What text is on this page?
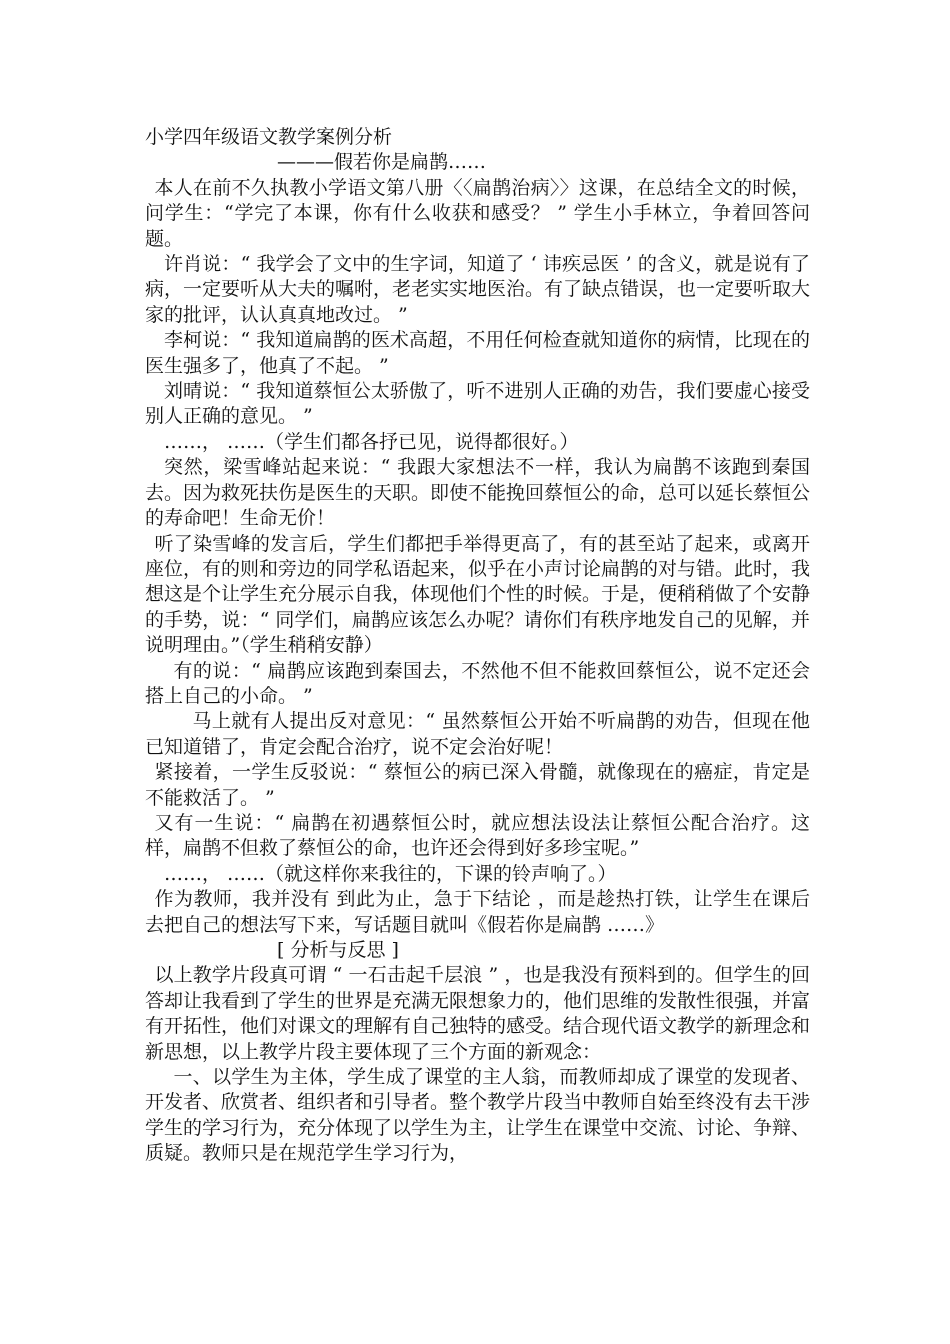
小学四年级语文教学案例分析
———假若你是扁鹊……

本人在前不久执教小学语文第八册〈〈扁鹊治病〉〉这课，在总结全文的时候，问学生：“学完了本课，你有什么收获和感受？ ” 学生小手林立，争着回答问题。

许肖说：“ 我学会了文中的生字词，知道了 ‘ 讳疾忌医 ’ 的含义，就是说有了病，一定要听从大夫的嘱咐，老老实实地医治。有了缺点错误，也一定要听取大家的批评，认认真真地改过。 ”

李柯说：“ 我知道扁鹊的医术高超，不用任何检查就知道你的病情，比现在的医生强多了，他真了不起。 ”

刘晴说：“ 我知道蔡恒公太骄傲了，听不进别人正确的劝告，我们要虚心接受别人正确的意见。 ”

……， ……（学生们都各抒已见，说得都很好。）

突然，梁雪峰站起来说：“ 我跟大家想法不一样，我认为扁鹊不该跑到秦国去。因为救死扶伤是医生的天职。即使不能挽回蔡恒公的命，总可以延长蔡恒公的寿命吧！生命无价！

听了染雪峰的发言后，学生们都把手举得更高了，有的甚至站了起来，或离开座位，有的则和旁边的同学私语起来，似乎在小声讨论扁鹊的对与错。此时，我想这是个让学生充分展示自我，体现他们个性的时候。于是，便稍稍做了个安静的手势，说：“ 同学们，扁鹊应该怎么办呢？请你们有秩序地发自己的见解，并说明理由。”（学生稍稍安静）

有的说：“ 扁鹊应该跑到秦国去，不然他不但不能救回蔡恒公，说不定还会搭上自己的小命。 ”

马上就有人提出反对意见：“ 虽然蔡恒公开始不听扁鹊的劝告，但现在他已知道错了，肯定会配合治疗，说不定会治好呢！

紧接着，一学生反驳说：“ 蔡恒公的病已深入骨髓，就像现在的癌症，肯定是不能救活了。 ”

又有一生说：“ 扁鹊在初遇蔡恒公时，就应想法设法让蔡恒公配合治疗。这样，扁鹊不但救了蔡恒公的命，也许还会得到好多珍宝呢。”

……， ……（就这样你来我往的，下课的铃声响了。）

作为教师，我并没有 到此为止，急于下结论 ，而是趁热打铁，让学生在课后去把自己的想法写下来，写话题目就叫《假若你是扁鹊 ……》

[ 分析与反思 ]

以上教学片段真可谓 “ 一石击起千层浪 ” ，也是我没有预料到的。但学生的回答却让我看到了学生的世界是充满无限想象力的，他们思维的发散性很强，并富有开拓性，他们对课文的理解有自己独特的感受。结合现代语文教学的新理念和新思想，以上教学片段主要体现了三个方面的新观念：

一、以学生为主体，学生成了课堂的主人翁，而教师却成了课堂的发现者、开发者、欣赏者、组织者和引导者。整个教学片段当中教师自始至终没有去干涉学生的学习行为，充分体现了以学生为主，让学生在课堂中交流、讨论、争辩、质疑。教师只是在规范学生学习行为，
